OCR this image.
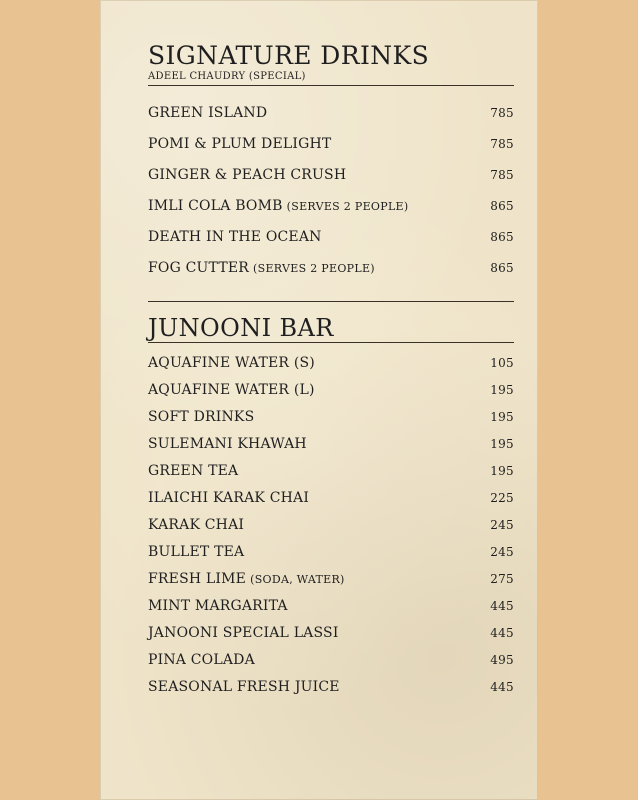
SIGNATURE DRINKS
ADEEL CHAUDRY (SPECIAL)
GREEN ISLAND	785
POMI & PLUM DELIGHT	785
GINGER & PEACH CRUSH	785
IMLI COLA BOMB (SERVES 2 PEOPLE)	865
DEATH IN THE OCEAN	865
FOG CUTTER (SERVES 2 PEOPLE)	865
JUNOONI BAR
AQUAFINE WATER (S)	105
AQUAFINE WATER (L)	195
SOFT DRINKS	195
SULEMANI KHAWAH	195
GREEN TEA	195
ILAICHI KARAK CHAI	225
KARAK CHAI	245
BULLET TEA	245
FRESH LIME (SODA, WATER)	275
MINT MARGARITA	445
JANOONI SPECIAL LASSI	445
PINA COLADA	495
SEASONAL FRESH JUICE	445
